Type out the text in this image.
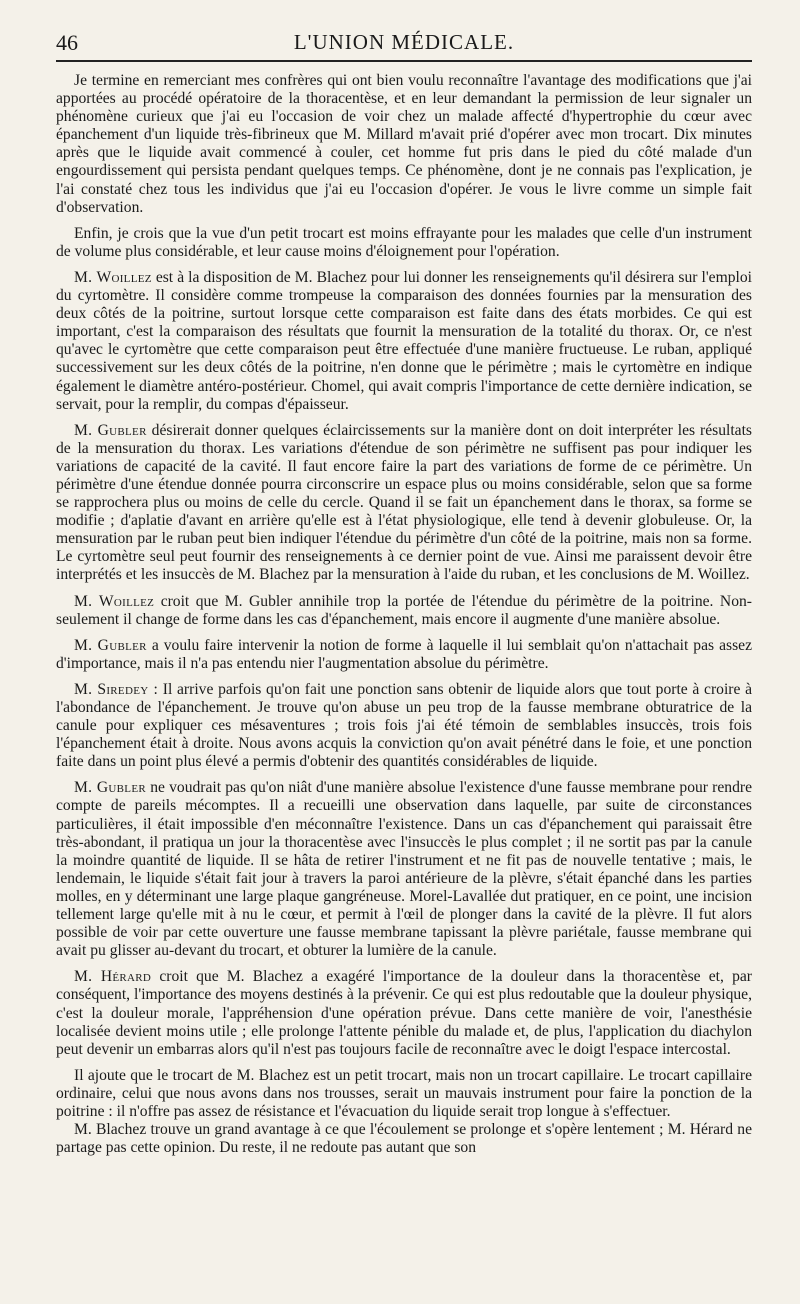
46	L'UNION MÉDICALE.

Je termine en remerciant mes confrères qui ont bien voulu reconnaître l'avantage des modifications que j'ai apportées au procédé opératoire de la thoracentèse, et en leur demandant la permission de leur signaler un phénomène curieux que j'ai eu l'occasion de voir chez un malade affecté d'hypertrophie du cœur avec épanchement d'un liquide très-fibrineux que M. Millard m'avait prié d'opérer avec mon trocart. Dix minutes après que le liquide avait commencé à couler, cet homme fut pris dans le pied du côté malade d'un engourdissement qui persista pendant quelques temps. Ce phénomène, dont je ne connais pas l'explication, je l'ai constaté chez tous les individus que j'ai eu l'occasion d'opérer. Je vous le livre comme un simple fait d'observation.

Enfin, je crois que la vue d'un petit trocart est moins effrayante pour les malades que celle d'un instrument de volume plus considérable, et leur cause moins d'éloignement pour l'opération.

M. Woillez est à la disposition de M. Blachez pour lui donner les renseignements qu'il désirera sur l'emploi du cyrtomètre. Il considère comme trompeuse la comparaison des données fournies par la mensuration des deux côtés de la poitrine, surtout lorsque cette comparaison est faite dans des états morbides. Ce qui est important, c'est la comparaison des résultats que fournit la mensuration de la totalité du thorax. Or, ce n'est qu'avec le cyrtomètre que cette comparaison peut être effectuée d'une manière fructueuse. Le ruban, appliqué successivement sur les deux côtés de la poitrine, n'en donne que le périmètre ; mais le cyrtomètre en indique également le diamètre antéro-postérieur. Chomel, qui avait compris l'importance de cette dernière indication, se servait, pour la remplir, du compas d'épaisseur.

M. Gubler désirerait donner quelques éclaircissements sur la manière dont on doit interpréter les résultats de la mensuration du thorax. Les variations d'étendue de son périmètre ne suffisent pas pour indiquer les variations de capacité de la cavité. Il faut encore faire la part des variations de forme de ce périmètre. Un périmètre d'une étendue donnée pourra circonscrire un espace plus ou moins considérable, selon que sa forme se rapprochera plus ou moins de celle du cercle. Quand il se fait un épanchement dans le thorax, sa forme se modifie ; d'aplatie d'avant en arrière qu'elle est à l'état physiologique, elle tend à devenir globuleuse. Or, la mensuration par le ruban peut bien indiquer l'étendue du périmètre d'un côté de la poitrine, mais non sa forme. Le cyrtomètre seul peut fournir des renseignements à ce dernier point de vue. Ainsi me paraissent devoir être interprétés et les insuccès de M. Blachez par la mensuration à l'aide du ruban, et les conclusions de M. Woillez.

M. Woillez croit que M. Gubler annihile trop la portée de l'étendue du périmètre de la poitrine. Non-seulement il change de forme dans les cas d'épanchement, mais encore il augmente d'une manière absolue.

M. Gubler a voulu faire intervenir la notion de forme à laquelle il lui semblait qu'on n'attachait pas assez d'importance, mais il n'a pas entendu nier l'augmentation absolue du périmètre.

M. Siredey : Il arrive parfois qu'on fait une ponction sans obtenir de liquide alors que tout porte à croire à l'abondance de l'épanchement. Je trouve qu'on abuse un peu trop de la fausse membrane obturatrice de la canule pour expliquer ces mésaventures ; trois fois j'ai été témoin de semblables insuccès, trois fois l'épanchement était à droite. Nous avons acquis la conviction qu'on avait pénétré dans le foie, et une ponction faite dans un point plus élevé a permis d'obtenir des quantités considérables de liquide.

M. Gubler ne voudrait pas qu'on niât d'une manière absolue l'existence d'une fausse membrane pour rendre compte de pareils mécomptes. Il a recueilli une observation dans laquelle, par suite de circonstances particulières, il était impossible d'en méconnaître l'existence. Dans un cas d'épanchement qui paraissait être très-abondant, il pratiqua un jour la thoracentèse avec l'insuccès le plus complet ; il ne sortit pas par la canule la moindre quantité de liquide. Il se hâta de retirer l'instrument et ne fit pas de nouvelle tentative ; mais, le lendemain, le liquide s'était fait jour à travers la paroi antérieure de la plèvre, s'était épanché dans les parties molles, en y déterminant une large plaque gangréneuse. Morel-Lavallée dut pratiquer, en ce point, une incision tellement large qu'elle mit à nu le cœur, et permit à l'œil de plonger dans la cavité de la plèvre. Il fut alors possible de voir par cette ouverture une fausse membrane tapissant la plèvre pariétale, fausse membrane qui avait pu glisser au-devant du trocart, et obturer la lumière de la canule.

M. Hérard croit que M. Blachez a exagéré l'importance de la douleur dans la thoracentèse et, par conséquent, l'importance des moyens destinés à la prévenir. Ce qui est plus redoutable que la douleur physique, c'est la douleur morale, l'appréhension d'une opération prévue. Dans cette manière de voir, l'anesthésie localisée devient moins utile ; elle prolonge l'attente pénible du malade et, de plus, l'application du diachylon peut devenir un embarras alors qu'il n'est pas toujours facile de reconnaître avec le doigt l'espace intercostal.

Il ajoute que le trocart de M. Blachez est un petit trocart, mais non un trocart capillaire. Le trocart capillaire ordinaire, celui que nous avons dans nos trousses, serait un mauvais instrument pour faire la ponction de la poitrine : il n'offre pas assez de résistance et l'évacuation du liquide serait trop longue à s'effectuer.

M. Blachez trouve un grand avantage à ce que l'écoulement se prolonge et s'opère lentement ; M. Hérard ne partage pas cette opinion. Du reste, il ne redoute pas autant que son
